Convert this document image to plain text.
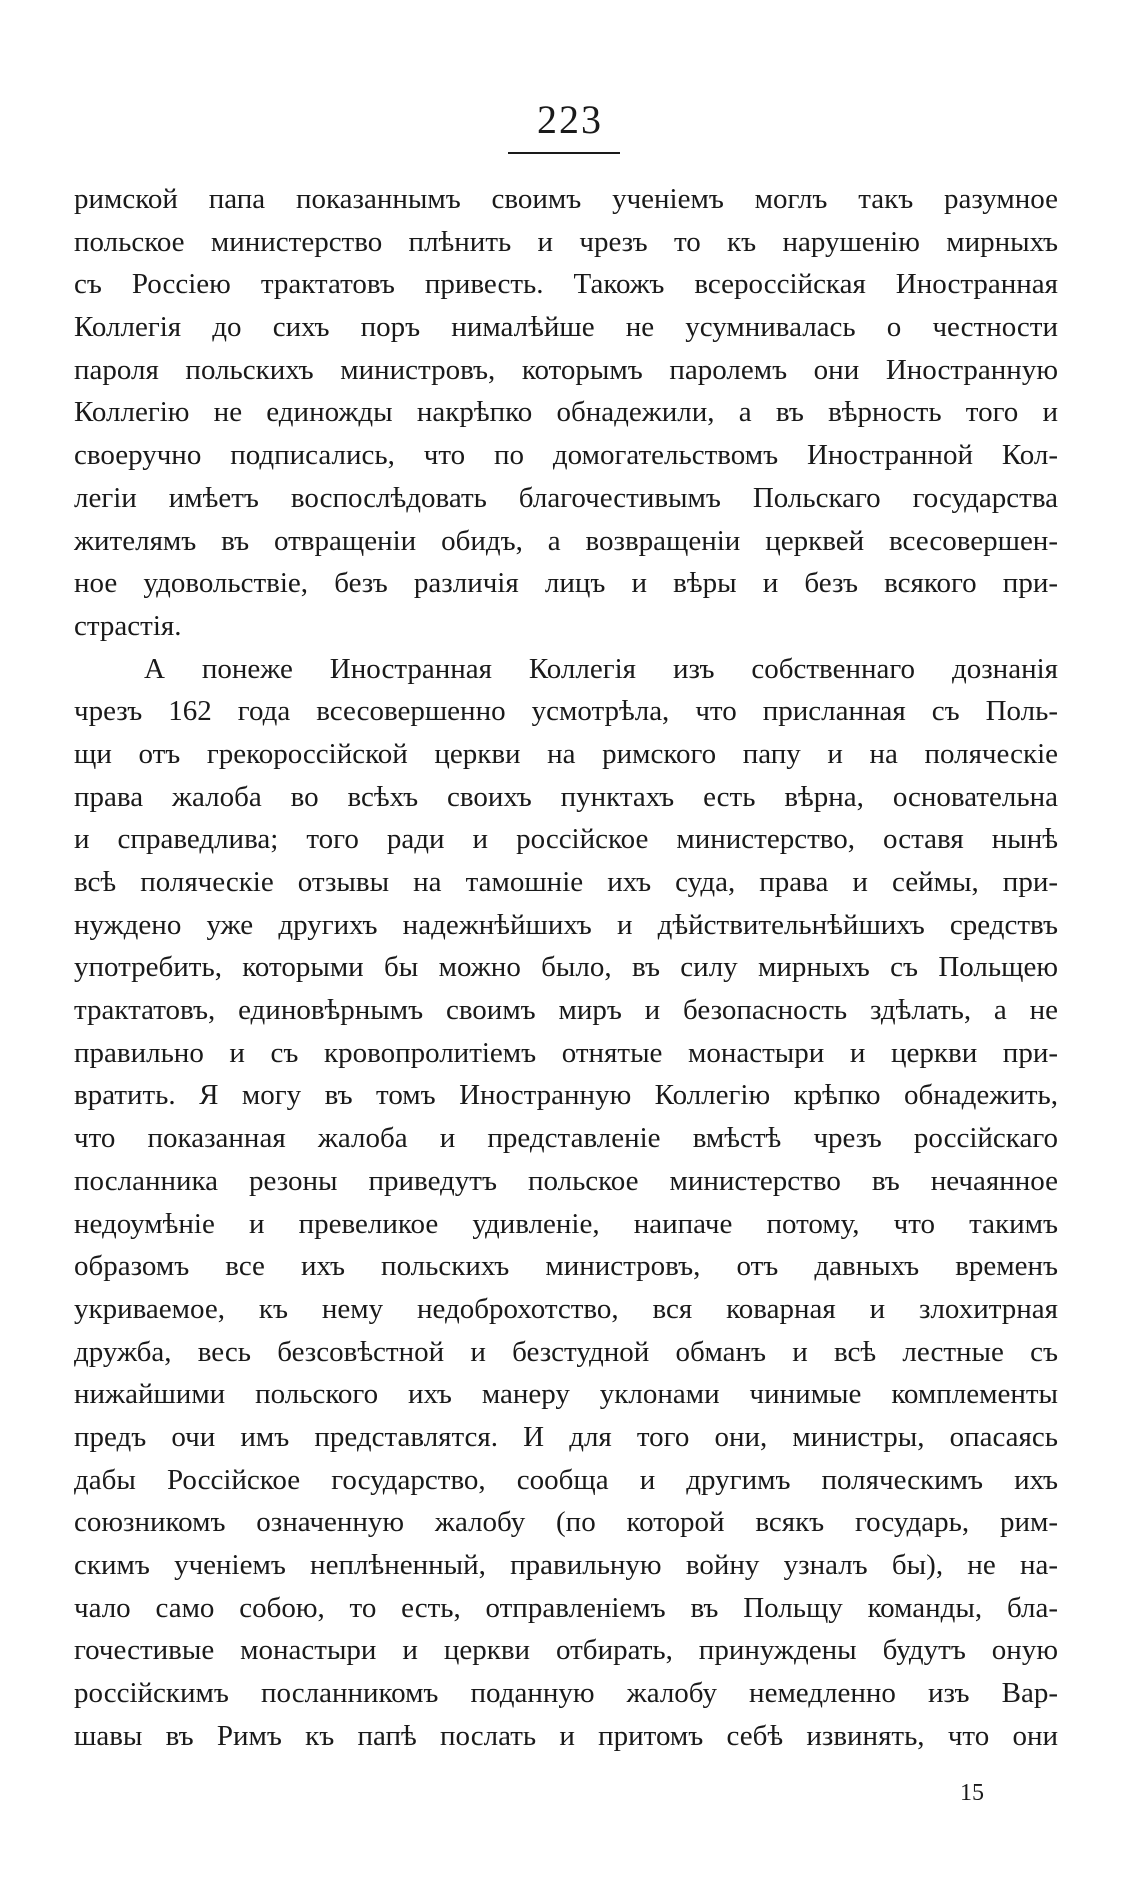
223
римской папа показаннымъ своимъ ученіемъ моглъ такъ разумное
польское министерство плѣнить и чрезъ то къ нарушенію мирныхъ
съ Россіею трактатовъ привесть. Такожъ всероссійская Иностранная
Коллегія до сихъ поръ нималѣйше не усумнивалась о честности
пароля польскихъ министровъ, которымъ паролемъ они Иностранную
Коллегію не единожды накрѣпко обнадежили, а въ вѣрность того и
своеручно подписались, что по домогательствомъ Иностранной Кол-
легіи имѣетъ воспослѣдовать благочестивымъ Польскаго государства
жителямъ въ отвращеніи обидъ, а возвращеніи церквей всесовершен-
ное удовольствіе, безъ различія лицъ и вѣры и безъ всякого при-
страстія.
А понеже Иностранная Коллегія изъ собственнаго дознанія
чрезъ 162 года всесовершенно усмотрѣла, что присланная съ Поль-
щи отъ грекороссійской церкви на римского папу и на поляческіе
права жалоба во всѣхъ своихъ пунктахъ есть вѣрна, основательна
и справедлива; того ради и россійское министерство, оставя нынѣ
всѣ поляческіе отзывы на тамошніе ихъ суда, права и сеймы, при-
нуждено уже другихъ надежнѣйшихъ и дѣйствительнѣйшихъ средствъ
употребить, которыми бы можно было, въ силу мирныхъ съ Польщею
трактатовъ, единовѣрнымъ своимъ миръ и безопасность здѣлать, а не
правильно и съ кровопролитіемъ отнятые монастыри и церкви при-
вратить. Я могу въ томъ Иностранную Коллегію крѣпко обнадежить,
что показанная жалоба и представленіе вмѣстѣ чрезъ россійскаго
посланника резоны приведутъ польское министерство въ нечаянное
недоумѣніе и превеликое удивленіе, наипаче потому, что такимъ
образомъ все ихъ польскихъ министровъ, отъ давныхъ временъ
укриваемое, къ нему недоброхотство, вся коварная и злохитрная
дружба, весь безсовѣстной и безстудной обманъ и всѣ лестные съ
нижайшими польского ихъ манеру уклонами чинимые комплементы
предъ очи имъ представлятся. И для того они, министры, опасаясь
дабы Россійское государство, сообща и другимъ поляческимъ ихъ
союзникомъ означенную жалобу (по которой всякъ государь, рим-
скимъ ученіемъ неплѣненный, правильную войну узналъ бы), не на-
чало само собою, то есть, отправленіемъ въ Польщу команды, бла-
гочестивые монастыри и церкви отбирать, принуждены будутъ оную
россійскимъ посланникомъ поданную жалобу немедленно изъ Вар-
шавы въ Римъ къ папѣ послать и притомъ себѣ извинять, что они
15
